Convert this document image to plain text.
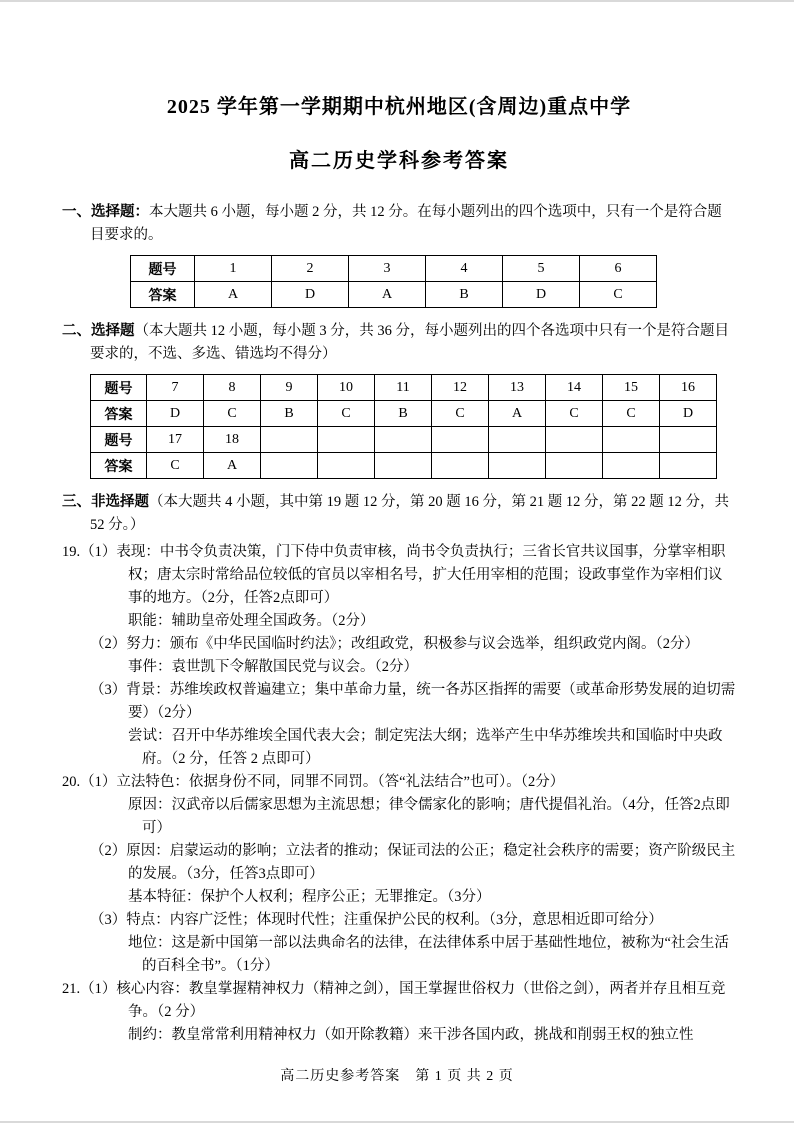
2025 学年第一学期期中杭州地区(含周边)重点中学
高二历史学科参考答案
一、选择题：本大题共 6 小题，每小题 2 分，共 12 分。在每小题列出的四个选项中，只有一个是符合题目要求的。
题号	1	2	3	4	5	6
答案	A	D	A	B	D	C
二、选择题（本大题共 12 小题，每小题 3 分，共 36 分，每小题列出的四个各选项中只有一个是符合题目要求的，不选、多选、错选均不得分）
题号	7	8	9	10	11	12	13	14	15	16
答案	D	C	B	C	B	C	A	C	C	D
题号	17	18								
答案	C	A								
三、非选择题（本大题共 4 小题，其中第 19 题 12 分，第 20 题 16 分，第 21 题 12 分，第 22 题 12 分，共 52 分。）
19.（1）表现：中书令负责决策，门下侍中负责审核，尚书令负责执行；三省长官共议国事，分掌宰相职权；唐太宗时常给品位较低的官员以宰相名号，扩大任用宰相的范围；设政事堂作为宰相们议事的地方。（2分，任答2点即可）
职能：辅助皇帝处理全国政务。（2分）
（2）努力：颁布《中华民国临时约法》；改组政党，积极参与议会选举，组织政党内阁。（2分）
事件：袁世凯下令解散国民党与议会。（2分）
（3）背景：苏维埃政权普遍建立；集中革命力量，统一各苏区指挥的需要（或革命形势发展的迫切需要）（2分）
尝试：召开中华苏维埃全国代表大会；制定宪法大纲；选举产生中华苏维埃共和国临时中央政府。（2 分，任答 2 点即可）
20.（1）立法特色：依据身份不同，同罪不同罚。（答“礼法结合”也可）。（2分）
原因：汉武帝以后儒家思想为主流思想；律令儒家化的影响；唐代提倡礼治。（4分，任答2点即可）
（2）原因：启蒙运动的影响；立法者的推动；保证司法的公正；稳定社会秩序的需要；资产阶级民主的发展。（3分，任答3点即可）
基本特征：保护个人权利；程序公正；无罪推定。（3分）
（3）特点：内容广泛性；体现时代性；注重保护公民的权利。（3分，意思相近即可给分）
地位：这是新中国第一部以法典命名的法律，在法律体系中居于基础性地位，被称为“社会生活的百科全书”。（1分）
21.（1）核心内容：教皇掌握精神权力（精神之剑），国王掌握世俗权力（世俗之剑），两者并存且相互竞争。（2 分）
制约：教皇常常利用精神权力（如开除教籍）来干涉各国内政，挑战和削弱王权的独立性
高二历史参考答案　第 1 页 共 2 页
